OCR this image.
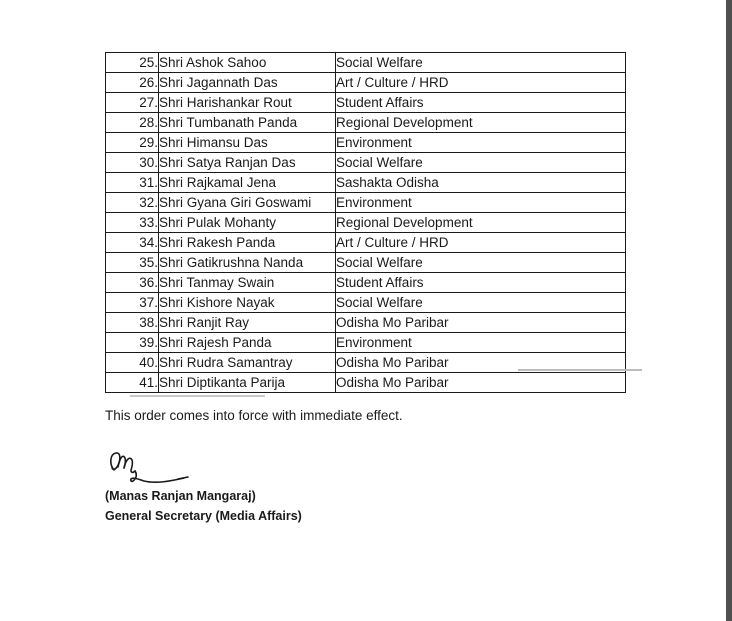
25.	Shri Ashok Sahoo	Social Welfare
26.	Shri Jagannath Das	Art / Culture / HRD
27.	Shri Harishankar Rout	Student Affairs
28.	Shri Tumbanath Panda	Regional Development
29.	Shri Himansu Das	Environment
30.	Shri Satya Ranjan Das	Social Welfare
31.	Shri Rajkamal Jena	Sashakta Odisha
32.	Shri Gyana Giri Goswami	Environment
33.	Shri Pulak Mohanty	Regional Development
34.	Shri Rakesh Panda	Art / Culture / HRD
35.	Shri Gatikrushna Nanda	Social Welfare
36.	Shri Tanmay Swain	Student Affairs
37.	Shri Kishore Nayak	Social Welfare
38.	Shri Ranjit Ray	Odisha Mo Paribar
39.	Shri Rajesh Panda	Environment
40.	Shri Rudra Samantray	Odisha Mo Paribar
41.	Shri Diptikanta Parija	Odisha Mo Paribar
This order comes into force with immediate effect.
(Manas Ranjan Mangaraj)
General Secretary (Media Affairs)
